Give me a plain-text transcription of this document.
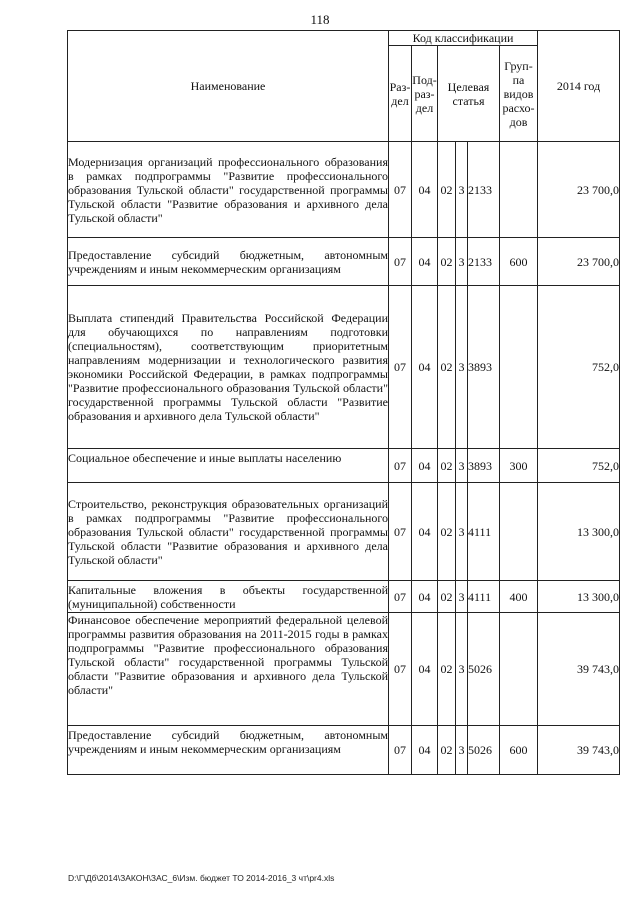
118
Наименование	Код классификации						2014 год
	Раз-дел	Под-раз-дел	Целевая статья			Груп-па видов расхо-дов	
Модернизация организаций профессионального образования в рамках подпрограммы "Развитие профессионального образования Тульской области" государственной программы Тульской области "Развитие образования и архивного дела Тульской области"	07	04	02	3	2133		23 700,0
Предоставление субсидий бюджетным, автономным учреждениям и иным некоммерческим организациям	07	04	02	3	2133	600	23 700,0
Выплата стипендий Правительства Российской Федерации для обучающихся по направлениям подготовки (специальностям), соответствующим приоритетным направлениям модернизации и технологического развития экономики Российской Федерации, в рамках подпрограммы "Развитие профессионального образования Тульской области" государственной программы Тульской области "Развитие образования и архивного дела Тульской области"	07	04	02	3	3893		752,0
Социальное обеспечение и иные выплаты населению	07	04	02	3	3893	300	752,0
Строительство, реконструкция образовательных организаций в рамках подпрограммы "Развитие профессионального образования Тульской области" государственной программы Тульской области "Развитие образования и архивного дела Тульской области"	07	04	02	3	4111		13 300,0
Капитальные вложения в объекты государственной (муниципальной) собственности	07	04	02	3	4111	400	13 300,0
Финансовое обеспечение мероприятий федеральной целевой программы развития образования на 2011-2015 годы в рамках подпрограммы "Развитие профессионального образования Тульской области" государственной программы Тульской области "Развитие образования и архивного дела Тульской области"	07	04	02	3	5026		39 743,0
Предоставление субсидий бюджетным, автономным учреждениям и иным некоммерческим организациям	07	04	02	3	5026	600	39 743,0
D:\Г\Дб\2014\ЗАКОН\ЗАС_6\Изм. бюджет ТО 2014-2016_3 чт\pr4.xls
